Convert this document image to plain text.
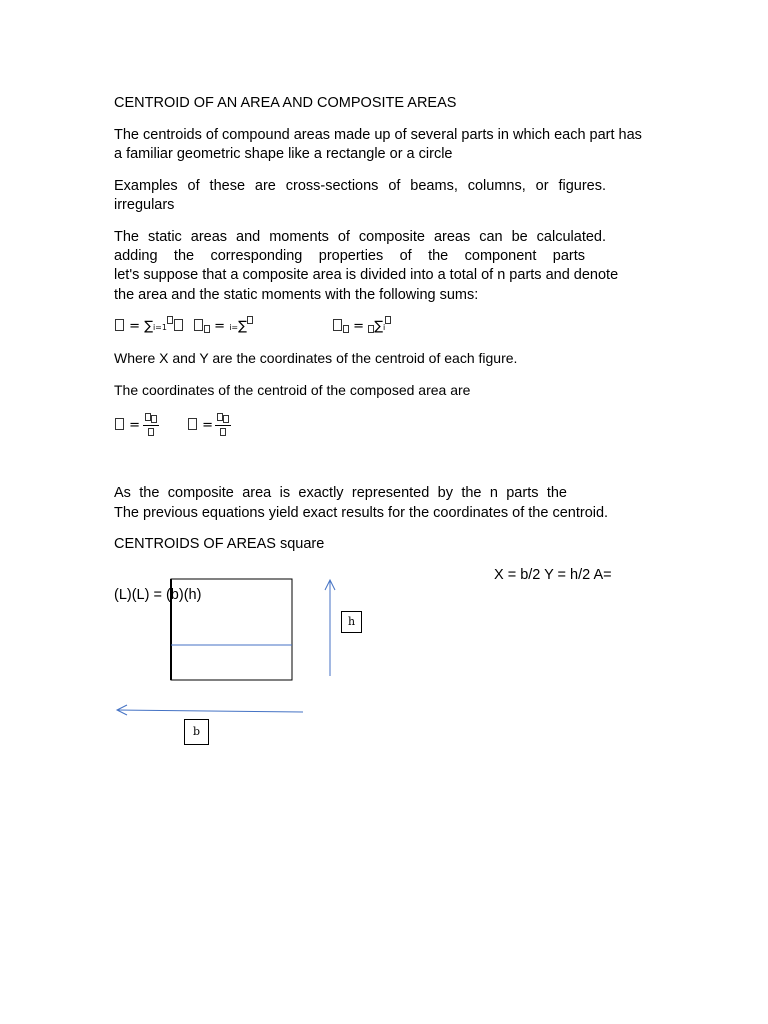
CENTROID OF AN AREA AND COMPOSITE AREAS
The centroids of compound areas made up of several parts in which each part has
a familiar geometric shape like a rectangle or a circle
Examples of these are cross-sections of beams, columns, or figures.
irregulars
The static areas and moments of composite areas can be calculated.
adding the corresponding properties of the component parts
let's suppose that a composite area is divided into a total of n parts and denote
the area and the static moments with the following sums:
= ∑i=1	= i=∑	= ∑i
Where X and Y are the coordinates of the centroid of each figure.
The coordinates of the centroid of the composed area are
=	=
As the composite area is exactly represented by the n parts the
The previous equations yield exact results for the coordinates of the centroid.
CENTROIDS OF AREAS square
X = b/2 Y = h/2 A=
(L)(L) = (b)(h)
h
b
